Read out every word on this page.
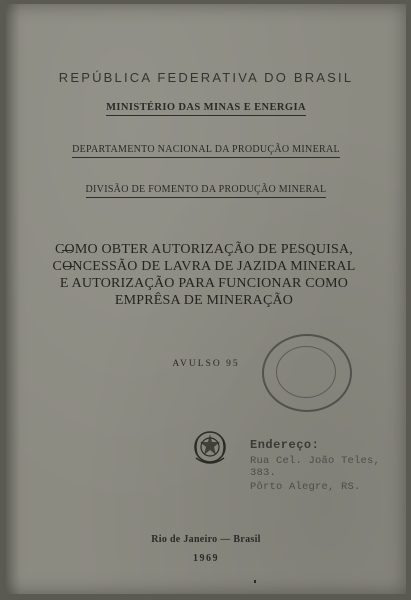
REPÚBLICA FEDERATIVA DO BRASIL
MINISTÉRIO DAS MINAS E ENERGIA
DEPARTAMENTO NACIONAL DA PRODUÇÃO MINERAL
DIVISÃO DE FOMENTO DA PRODUÇÃO MINERAL
COMO OBTER AUTORIZAÇÃO DE PESQUISA,
CONCESSÃO DE LAVRA DE JAZIDA MINERAL
E AUTORIZAÇÃO PARA FUNCIONAR COMO
EMPRÊSA DE MINERAÇÃO
AVULSO 95
Endereço:
Rua Cel. João Teles, 383.
Pôrto Alegre, RS.
Rio de Janeiro — Brasil
1969
